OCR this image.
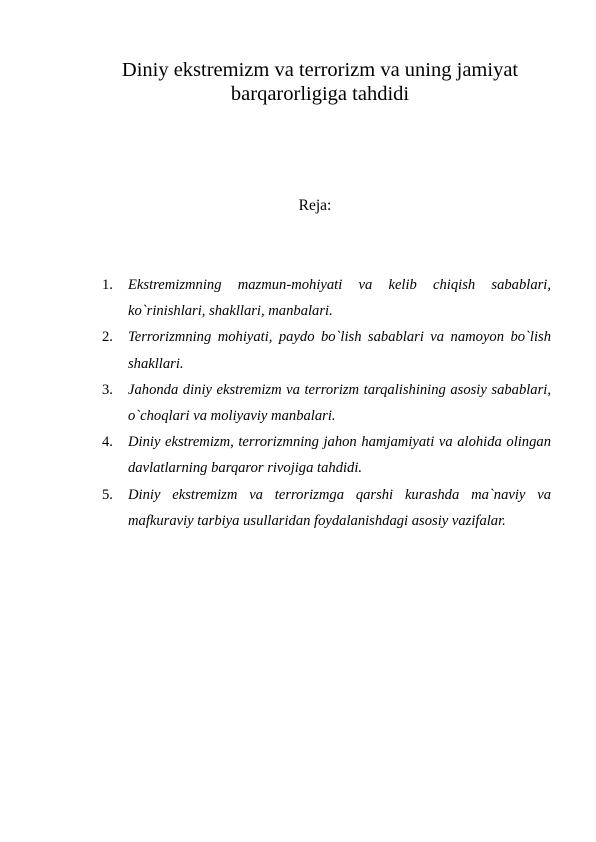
Diniy ekstremizm va terrorizm va uning jamiyat barqarorligiga tahdidi
Reja:
1. Ekstremizmning mazmun-mohiyati va kelib chiqish sabablari, ko`rinishlari, shakllari, manbalari.
2. Terrorizmning mohiyati, paydo bo`lish sabablari va namoyon bo`lish shakllari.
3. Jahonda diniy ekstremizm va terrorizm tarqalishining asosiy sabablari, o`choqlari va moliyaviy manbalari.
4. Diniy ekstremizm, terrorizmning jahon hamjamiyati va alohida olingan davlatlarning barqaror rivojiga tahdidi.
5. Diniy ekstremizm va terrorizmga qarshi kurashda ma`naviy va mafkuraviy tarbiya usullaridan foydalanishdagi asosiy vazifalar.
